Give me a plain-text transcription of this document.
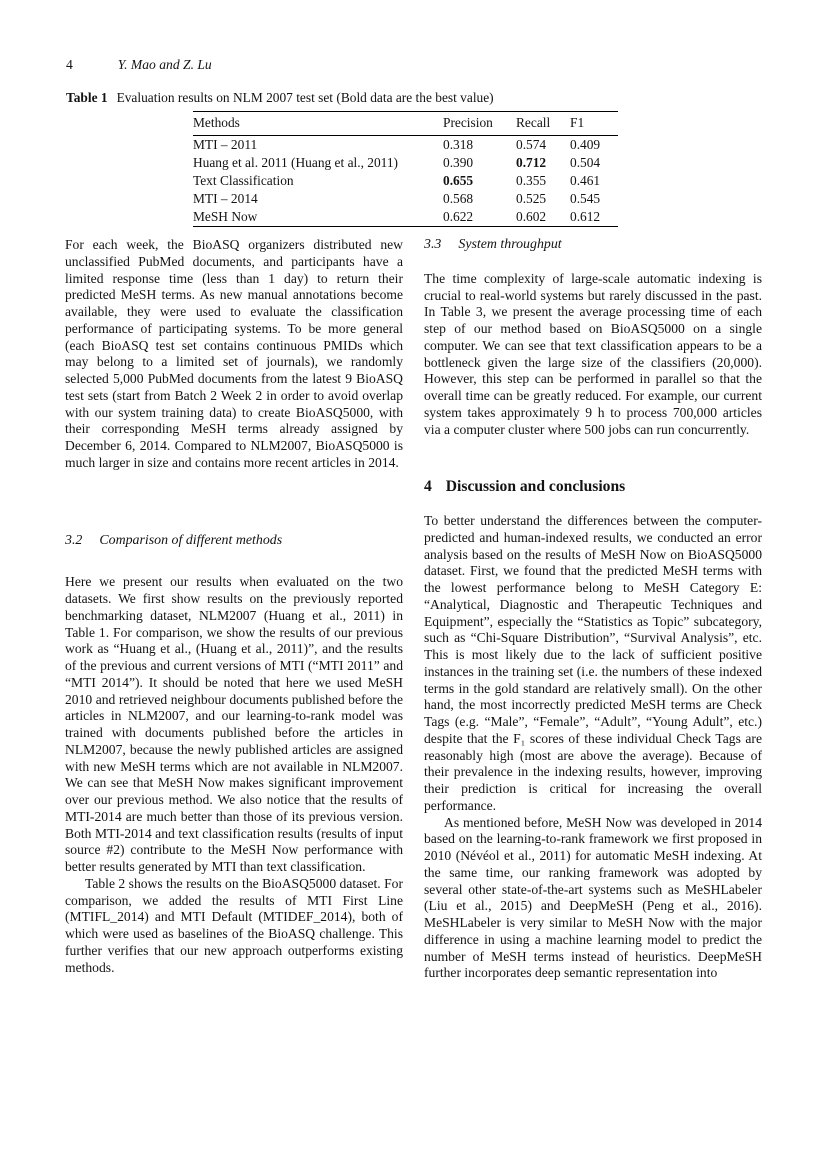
4	Y. Mao and Z. Lu
Table 1 Evaluation results on NLM 2007 test set (Bold data are the best value)
Methods	Precision	Recall	F1
MTI – 2011	0.318	0.574	0.409
Huang et al. 2011 (Huang et al., 2011)	0.390	0.712	0.504
Text Classification	0.655	0.355	0.461
MTI – 2014	0.568	0.525	0.545
MeSH Now	0.622	0.602	0.612

For each week, the BioASQ organizers distributed new unclassified PubMed documents, and participants have a limited response time (less than 1 day) to return their predicted MeSH terms. As new manual annotations become available, they were used to evaluate the classification performance of participating systems. To be more general (each BioASQ test set contains continuous PMIDs which may belong to a limited set of journals), we randomly selected 5,000 PubMed documents from the latest 9 BioASQ test sets (start from Batch 2 Week 2 in order to avoid overlap with our system training data) to create BioASQ5000, with their corresponding MeSH terms already assigned by December 6, 2014. Compared to NLM2007, BioASQ5000 is much larger in size and contains more recent articles in 2014.

3.2 Comparison of different methods

Here we present our results when evaluated on the two datasets. We first show results on the previously reported benchmarking dataset, NLM2007 (Huang et al., 2011) in Table 1. For comparison, we show the results of our previous work as “Huang et al., (Huang et al., 2011)”, and the results of the previous and current versions of MTI (“MTI 2011” and “MTI 2014”). It should be noted that here we used MeSH 2010 and retrieved neighbour documents published before the articles in NLM2007, and our learning-to-rank model was trained with documents published before the articles in NLM2007, because the newly published articles are assigned with new MeSH terms which are not available in NLM2007. We can see that MeSH Now makes significant improvement over our previous method. We also notice that the results of MTI-2014 are much better than those of its previous version. Both MTI-2014 and text classification results (results of input source #2) contribute to the MeSH Now performance with better results generated by MTI than text classification.

Table 2 shows the results on the BioASQ5000 dataset. For comparison, we added the results of MTI First Line (MTIFL_2014) and MTI Default (MTIDEF_2014), both of which were used as baselines of the BioASQ challenge. This further verifies that our new approach outperforms existing methods.

3.3 System throughput

The time complexity of large-scale automatic indexing is crucial to real-world systems but rarely discussed in the past. In Table 3, we present the average processing time of each step of our method based on BioASQ5000 on a single computer. We can see that text classification appears to be a bottleneck given the large size of the classifiers (20,000). However, this step can be performed in parallel so that the overall time can be greatly reduced. For example, our current system takes approximately 9 h to process 700,000 articles via a computer cluster where 500 jobs can run concurrently.

4 Discussion and conclusions

To better understand the differences between the computer-predicted and human-indexed results, we conducted an error analysis based on the results of MeSH Now on BioASQ5000 dataset. First, we found that the predicted MeSH terms with the lowest performance belong to MeSH Category E: “Analytical, Diagnostic and Therapeutic Techniques and Equipment”, especially the “Statistics as Topic” subcategory, such as “Chi-Square Distribution”, “Survival Analysis”, etc. This is most likely due to the lack of sufficient positive instances in the training set (i.e. the numbers of these indexed terms in the gold standard are relatively small). On the other hand, the most incorrectly predicted MeSH terms are Check Tags (e.g. “Male”, “Female”, “Adult”, “Young Adult”, etc.) despite that the F₁ scores of these individual Check Tags are reasonably high (most are above the average). Because of their prevalence in the indexing results, however, improving their prediction is critical for increasing the overall performance.

As mentioned before, MeSH Now was developed in 2014 based on the learning-to-rank framework we first proposed in 2010 (Névéol et al., 2011) for automatic MeSH indexing. At the same time, our ranking framework was adopted by several other state-of-the-art systems such as MeSHLabeler (Liu et al., 2015) and DeepMeSH (Peng et al., 2016). MeSHLabeler is very similar to MeSH Now with the major difference in using a machine learning model to predict the number of MeSH terms instead of heuristics. DeepMeSH further incorporates deep semantic representation into
